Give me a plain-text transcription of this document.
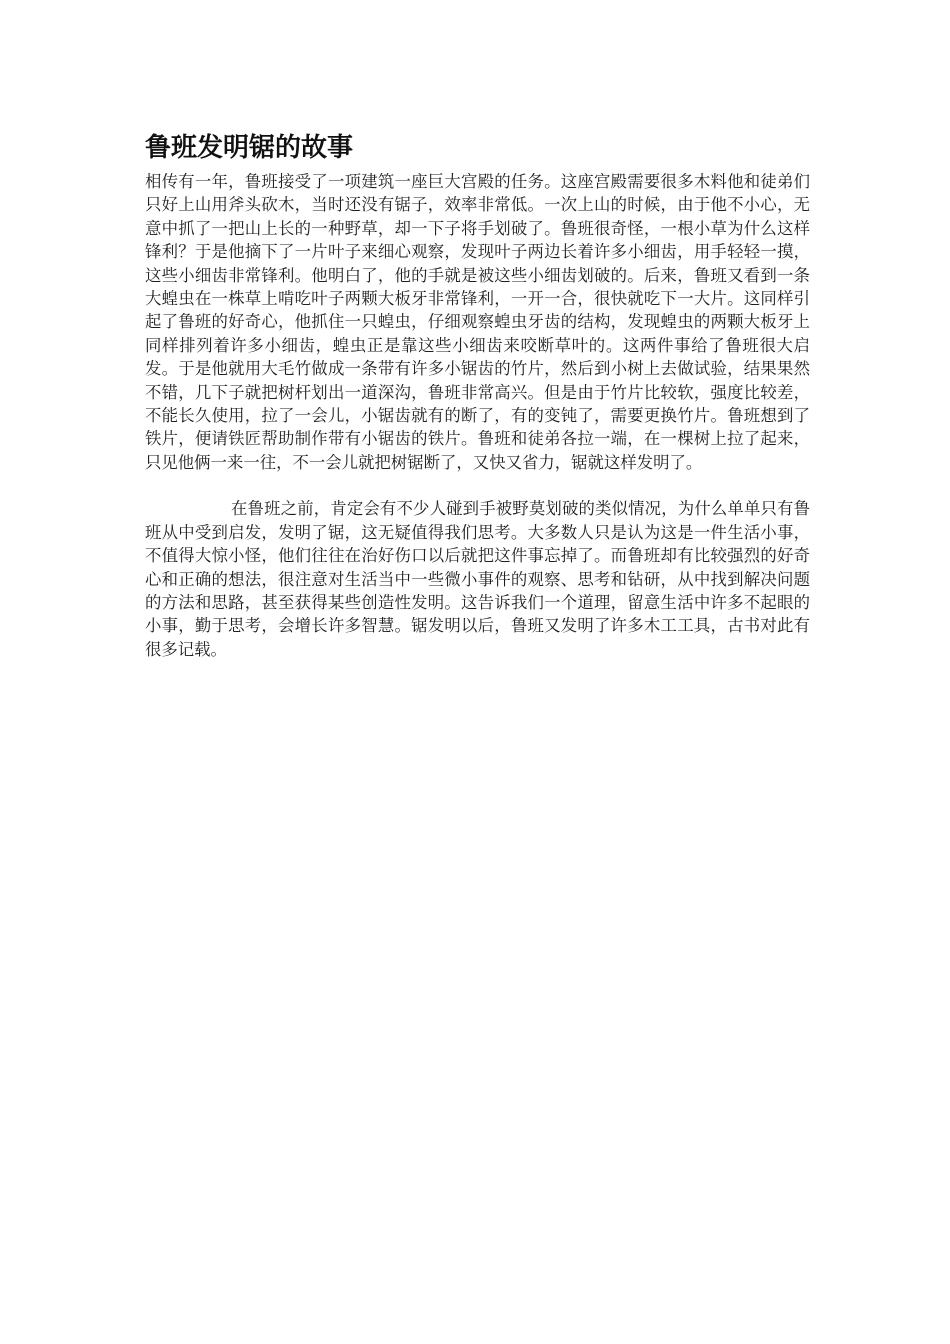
鲁班发明锯的故事

相传有一年，鲁班接受了一项建筑一座巨大宫殿的任务。这座宫殿需要很多木料他和徒弟们只好上山用斧头砍木，当时还没有锯子，效率非常低。一次上山的时候，由于他不小心，无意中抓了一把山上长的一种野草，却一下子将手划破了。鲁班很奇怪，一根小草为什么这样锋利？于是他摘下了一片叶子来细心观察，发现叶子两边长着许多小细齿，用手轻轻一摸，这些小细齿非常锋利。他明白了，他的手就是被这些小细齿划破的。后来，鲁班又看到一条大蝗虫在一株草上啃吃叶子两颗大板牙非常锋利，一开一合，很快就吃下一大片。这同样引起了鲁班的好奇心，他抓住一只蝗虫，仔细观察蝗虫牙齿的结构，发现蝗虫的两颗大板牙上同样排列着许多小细齿，蝗虫正是靠这些小细齿来咬断草叶的。这两件事给了鲁班很大启发。于是他就用大毛竹做成一条带有许多小锯齿的竹片，然后到小树上去做试验，结果果然不错，几下子就把树杆划出一道深沟，鲁班非常高兴。但是由于竹片比较软，强度比较差，不能长久使用，拉了一会儿，小锯齿就有的断了，有的变钝了，需要更换竹片。鲁班想到了铁片，便请铁匠帮助制作带有小锯齿的铁片。鲁班和徒弟各拉一端，在一棵树上拉了起来，只见他俩一来一往，不一会儿就把树锯断了，又快又省力，锯就这样发明了。

在鲁班之前，肯定会有不少人碰到手被野莫划破的类似情况，为什么单单只有鲁班从中受到启发，发明了锯，这无疑值得我们思考。大多数人只是认为这是一件生活小事，不值得大惊小怪，他们往往在治好伤口以后就把这件事忘掉了。而鲁班却有比较强烈的好奇心和正确的想法，很注意对生活当中一些微小事件的观察、思考和钻研，从中找到解决问题的方法和思路，甚至获得某些创造性发明。这告诉我们一个道理，留意生活中许多不起眼的小事，勤于思考，会增长许多智慧。锯发明以后，鲁班又发明了许多木工工具，古书对此有很多记载。
